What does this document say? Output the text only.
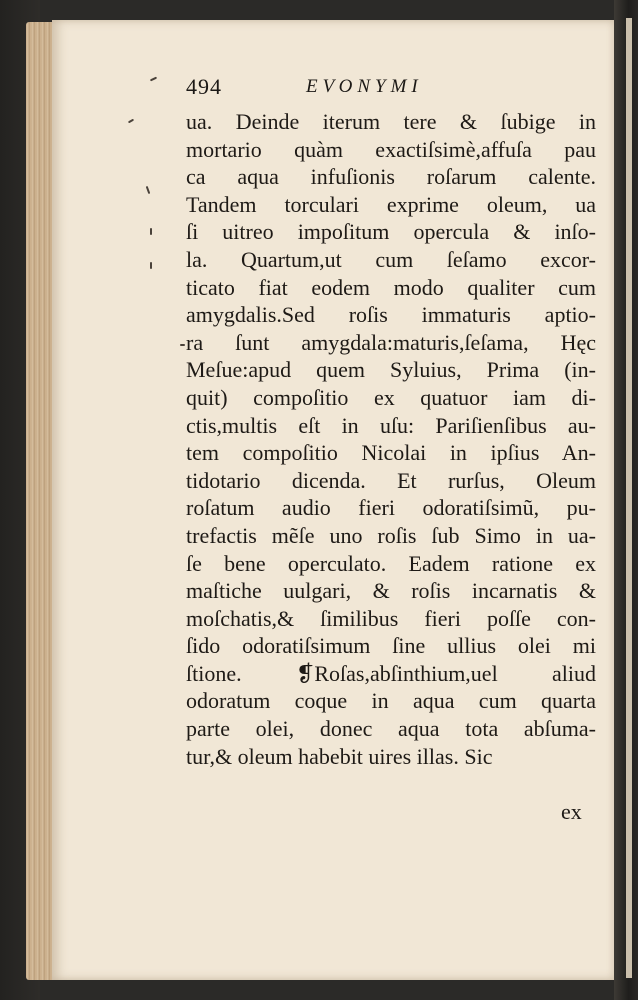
494	EVONYMI
ua. Deinde iterum tere & ſubige in
mortario quàm exactiſsimè,affuſa pau
ca aqua infuſionis roſarum calente.
Tandem torculari exprime oleum, ua
ſi uitreo impoſitum opercula & inſo-
la. Quartum,ut cum ſeſamo excor-
ticato fiat eodem modo qualiter cum
amygdalis.Sed roſis immaturis aptio-
ra ſunt amygdala:maturis,ſeſama, Hęc
Meſue:apud quem Syluius, Prima (in-
quit) compoſitio ex quatuor iam di-
ctis,multis eſt in uſu: Pariſienſibus au-
tem compoſitio Nicolai in ipſius An-
tidotario dicenda. Et rurſus, Oleum
roſatum audio fieri odoratiſsimũ, pu-
trefactis mẽſe uno roſis ſub Simo in ua-
ſe bene operculato. Eadem ratione ex
maſtiche uulgari, & roſis incarnatis &
moſchatis,& ſimilibus fieri poſſe con-
ſido odoratiſsimum ſine ullius olei mi
ſtione. ❡Roſas,abſinthium,uel aliud
odoratum coque in aqua cum quarta
parte olei, donec aqua tota abſuma-
tur,& oleum habebit uires illas. Sic
ex
